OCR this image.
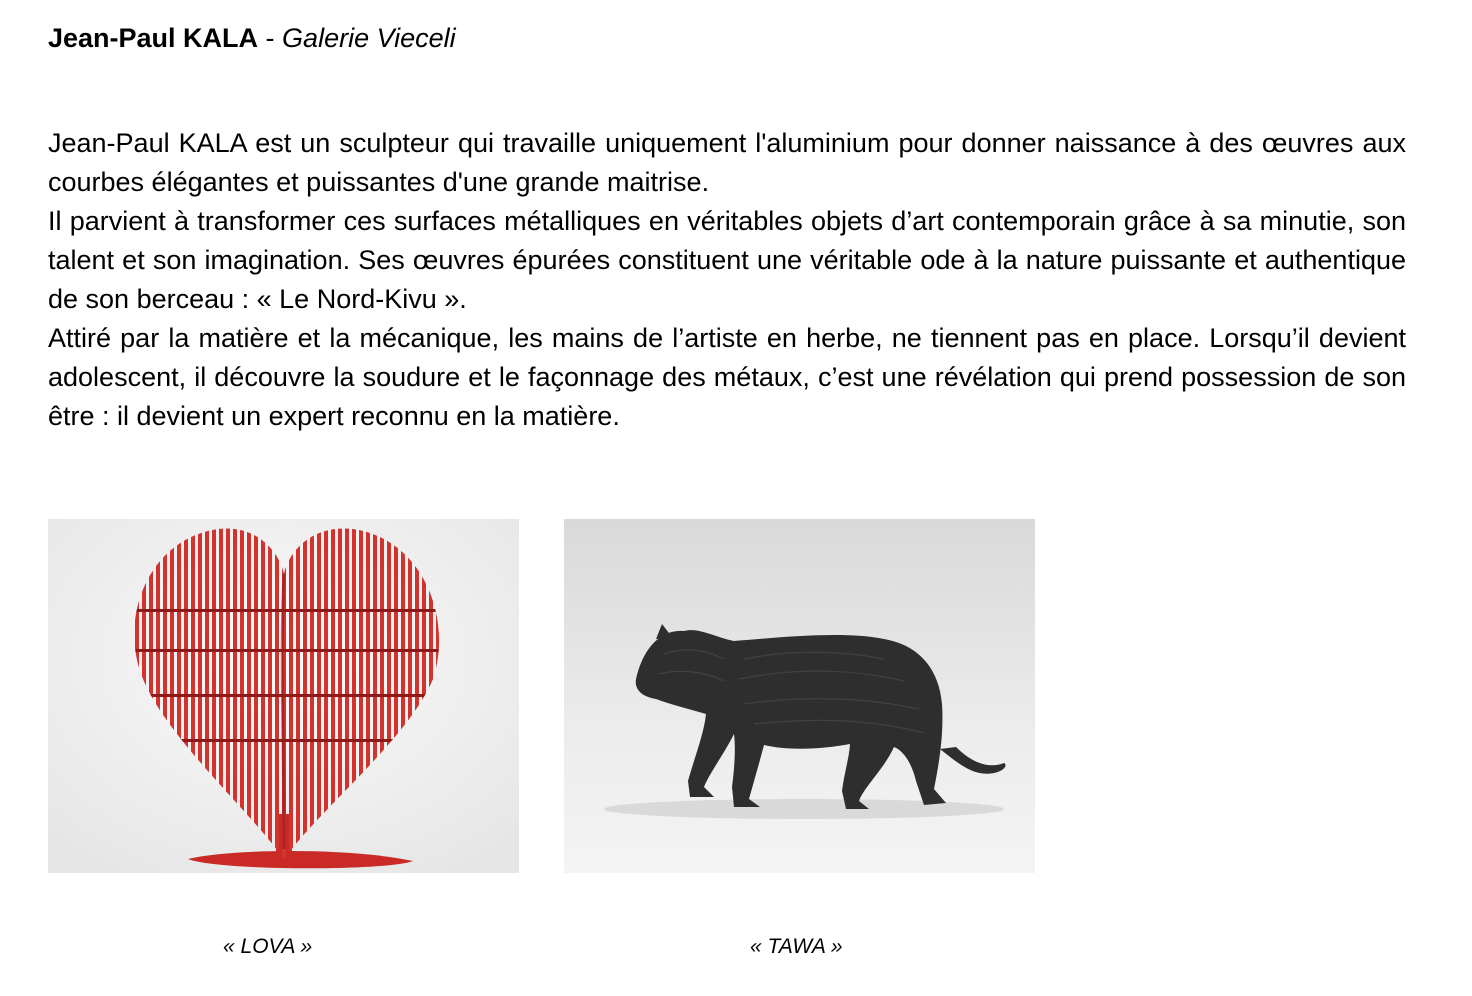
Jean-Paul KALA - Galerie Vieceli

Jean-Paul KALA est un sculpteur qui travaille uniquement l'aluminium pour donner naissance à des œuvres aux courbes élégantes et puissantes d'une grande maitrise.

Il parvient à transformer ces surfaces métalliques en véritables objets d’art contemporain grâce à sa minutie, son talent et son imagination. Ses œuvres épurées constituent une véritable ode à la nature puissante et authentique de son berceau : « Le Nord-Kivu ».

Attiré par la matière et la mécanique, les mains de l’artiste en herbe, ne tiennent pas en place. Lorsqu’il devient adolescent, il découvre la soudure et le façonnage des métaux, c’est une révélation qui prend possession de son être : il devient un expert reconnu en la matière.

« LOVA »	« TAWA »
